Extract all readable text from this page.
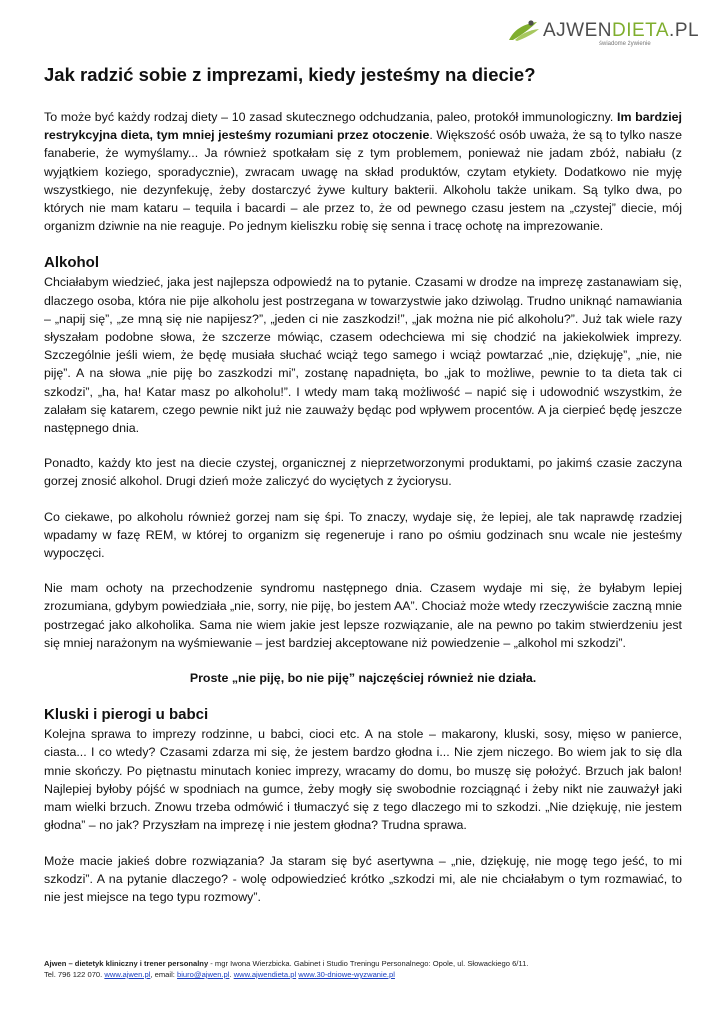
AJWENDIETA.PL
świadome żywienie
Jak radzić sobie z imprezami, kiedy jesteśmy na diecie?

To może być każdy rodzaj diety – 10 zasad skutecznego odchudzania, paleo, protokół immunologiczny. Im bardziej restrykcyjna dieta, tym mniej jesteśmy rozumiani przez otoczenie. Większość osób uważa, że są to tylko nasze fanaberie, że wymyślamy... Ja również spotkałam się z tym problemem, ponieważ nie jadam zbóż, nabiału (z wyjątkiem koziego, sporadycznie), zwracam uwagę na skład produktów, czytam etykiety. Dodatkowo nie myję wszystkiego, nie dezynfekuję, żeby dostarczyć żywe kultury bakterii. Alkoholu także unikam. Są tylko dwa, po których nie mam kataru – tequila i bacardi – ale przez to, że od pewnego czasu jestem na „czystej” diecie, mój organizm dziwnie na nie reaguje. Po jednym kieliszku robię się senna i tracę ochotę na imprezowanie.

Alkohol

Chciałabym wiedzieć, jaka jest najlepsza odpowiedź na to pytanie. Czasami w drodze na imprezę zastanawiam się, dlaczego osoba, która nie pije alkoholu jest postrzegana w towarzystwie jako dziwoląg. Trudno uniknąć namawiania – „napij się”, „ze mną się nie napijesz?”, „jeden ci nie zaszkodzi!”, „jak można nie pić alkoholu?”. Już tak wiele razy słyszałam podobne słowa, że szczerze mówiąc, czasem odechciewa mi się chodzić na jakiekolwiek imprezy. Szczególnie jeśli wiem, że będę musiała słuchać wciąż tego samego i wciąż powtarzać „nie, dziękuję”, „nie, nie piję”. A na słowa „nie piję bo zaszkodzi mi”, zostanę napadnięta, bo „jak to możliwe, pewnie to ta dieta tak ci szkodzi”, „ha, ha! Katar masz po alkoholu!”. I wtedy mam taką możliwość – napić się i udowodnić wszystkim, że zalałam się katarem, czego pewnie nikt już nie zauważy będąc pod wpływem procentów. A ja cierpieć będę jeszcze następnego dnia.

Ponadto, każdy kto jest na diecie czystej, organicznej z nieprzetworzonymi produktami, po jakimś czasie zaczyna gorzej znosić alkohol. Drugi dzień może zaliczyć do wyciętych z życiorysu.

Co ciekawe, po alkoholu również gorzej nam się śpi. To znaczy, wydaje się, że lepiej, ale tak naprawdę rzadziej wpadamy w fazę REM, w której to organizm się regeneruje i rano po ośmiu godzinach snu wcale nie jesteśmy wypoczęci.

Nie mam ochoty na przechodzenie syndromu następnego dnia. Czasem wydaje mi się, że byłabym lepiej zrozumiana, gdybym powiedziała „nie, sorry, nie piję, bo jestem AA”. Chociaż może wtedy rzeczywiście zaczną mnie postrzegać jako alkoholika. Sama nie wiem jakie jest lepsze rozwiązanie, ale na pewno po takim stwierdzeniu jest się mniej narażonym na wyśmiewanie – jest bardziej akceptowane niż powiedzenie – „alkohol mi szkodzi”.

Proste „nie piję, bo nie piję” najczęściej również nie działa.

Kluski i pierogi u babci

Kolejna sprawa to imprezy rodzinne, u babci, cioci etc. A na stole – makarony, kluski, sosy, mięso w panierce, ciasta... I co wtedy? Czasami zdarza mi się, że jestem bardzo głodna i... Nie zjem niczego. Bo wiem jak to się dla mnie skończy. Po piętnastu minutach koniec imprezy, wracamy do domu, bo muszę się położyć. Brzuch jak balon! Najlepiej byłoby pójść w spodniach na gumce, żeby mogły się swobodnie rozciągnąć i żeby nikt nie zauważył jaki mam wielki brzuch. Znowu trzeba odmówić i tłumaczyć się z tego dlaczego mi to szkodzi. „Nie dziękuję, nie jestem głodna” – no jak? Przyszłam na imprezę i nie jestem głodna? Trudna sprawa.

Może macie jakieś dobre rozwiązania? Ja staram się być asertywna – „nie, dziękuję, nie mogę tego jeść, to mi szkodzi”. A na pytanie dlaczego? - wolę odpowiedzieć krótko „szkodzi mi, ale nie chciałabym o tym rozmawiać, to nie jest miejsce na tego typu rozmowy”.

Ajwen – dietetyk kliniczny i trener personalny - mgr Iwona Wierzbicka. Gabinet i Studio Treningu Personalnego: Opole, ul. Słowackiego 6/11.
Tel. 796 122 070. www.ajwen.pl, email: biuro@ajwen.pl. www.ajwendieta.pl www.30-dniowe-wyzwanie.pl
